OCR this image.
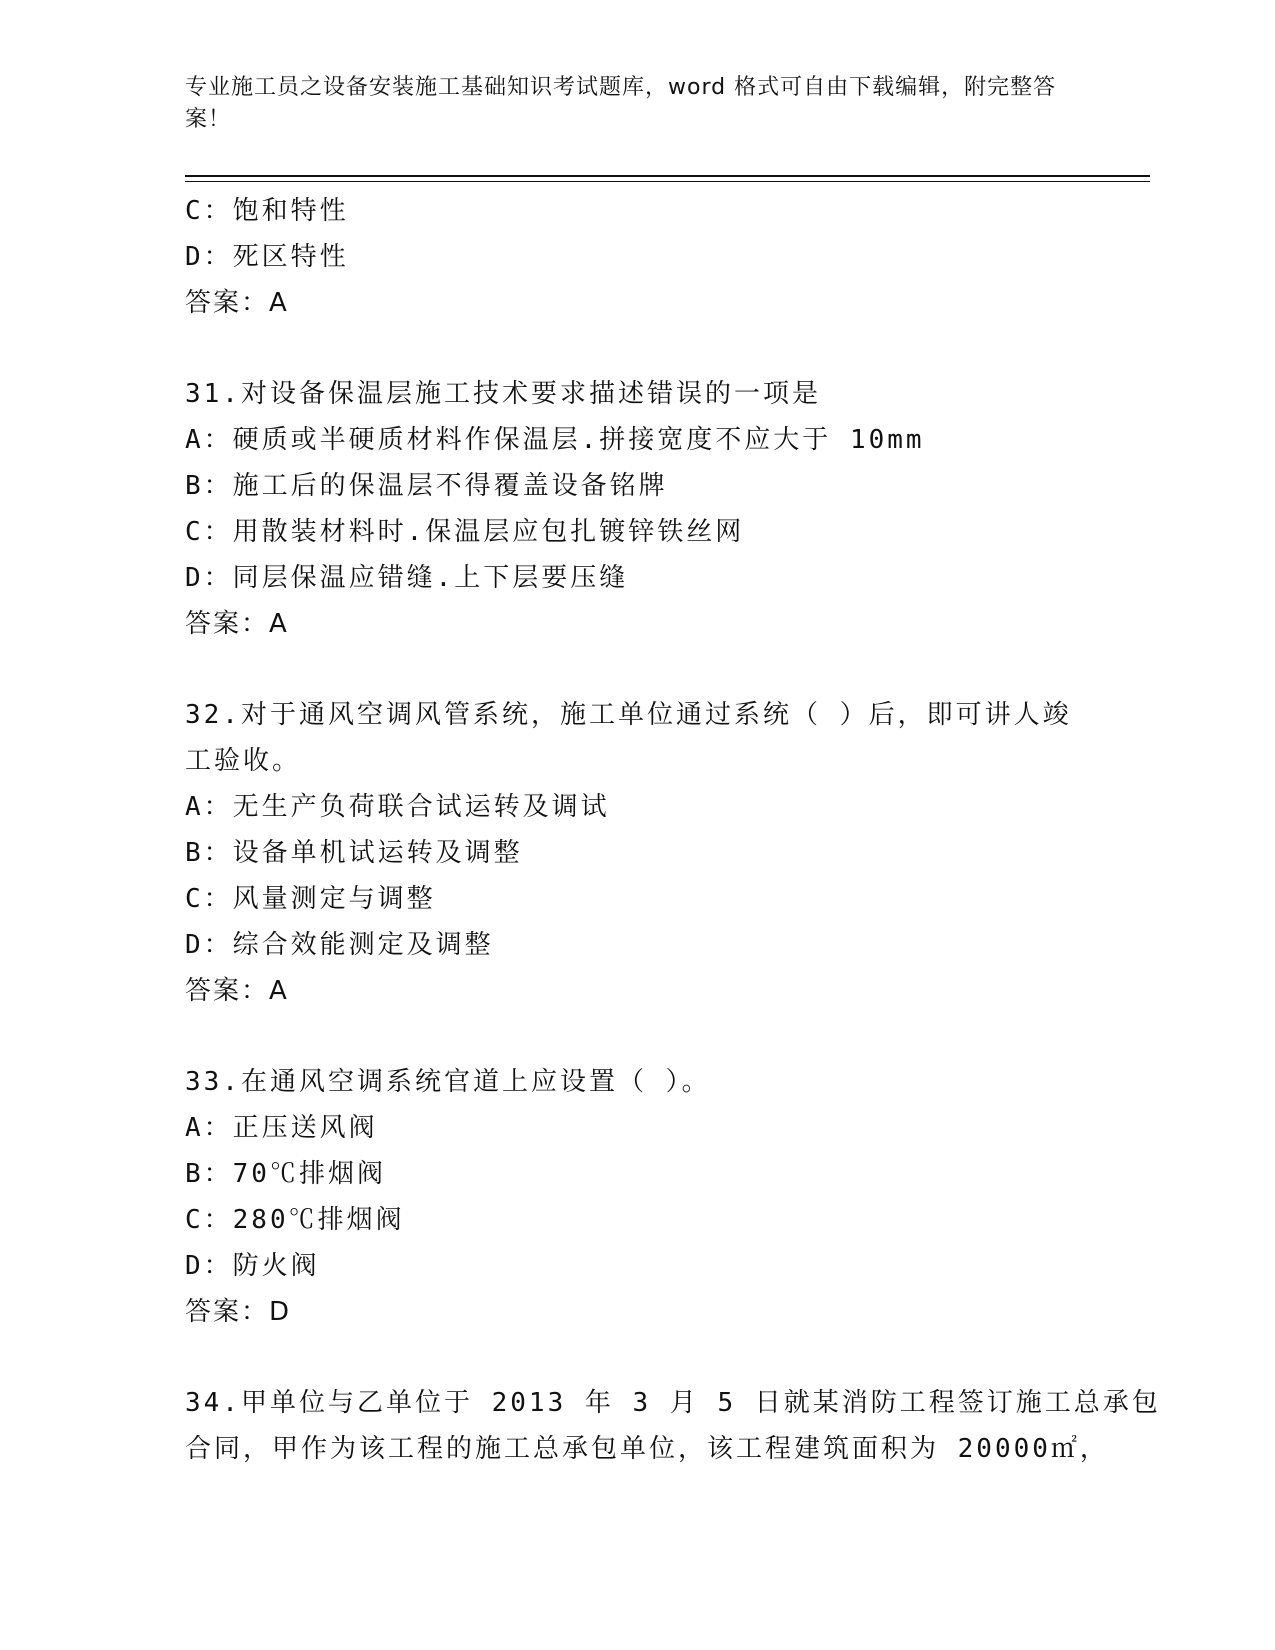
专业施工员之设备安装施工基础知识考试题库，word 格式可自由下载编辑，附完整答案！
C：饱和特性
D：死区特性
答案：A
31.对设备保温层施工技术要求描述错误的一项是
A：硬质或半硬质材料作保温层.拼接宽度不应大于 10mm
B：施工后的保温层不得覆盖设备铭牌
C：用散装材料时.保温层应包扎镀锌铁丝网
D：同层保温应错缝.上下层要压缝
答案：A
32.对于通风空调风管系统，施工单位通过系统（ ）后，即可讲人竣
工验收。
A：无生产负荷联合试运转及调试
B：设备单机试运转及调整
C：风量测定与调整
D：综合效能测定及调整
答案：A
33.在通风空调系统官道上应设置（ ）。
A：正压送风阀
B：70℃排烟阀
C：280℃排烟阀
D：防火阀
答案：D
34.甲单位与乙单位于 2013 年 3 月 5 日就某消防工程签订施工总承包
合同，甲作为该工程的施工总承包单位，该工程建筑面积为 20000㎡，
